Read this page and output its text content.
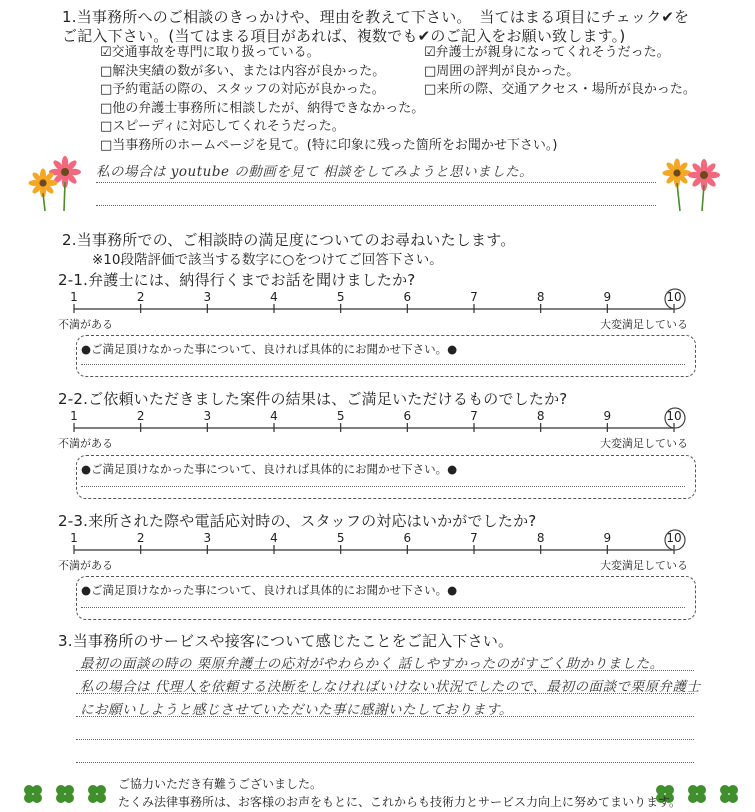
1.当事務所へのご相談のきっかけや、理由を教えて下さい。　当てはまる項目にチェック✔を
ご記入下さい。(当てはまる項目があれば、複数でも✔のご記入をお願い致します。)
☑交通事故を専門に取り扱っている。
□解決実績の数が多い、または内容が良かった。
□予約電話の際の、スタッフの対応が良かった。
□他の弁護士事務所に相談したが、納得できなかった。
□スピーディに対応してくれそうだった。
□当事務所のホームページを見て。(特に印象に残った箇所をお聞かせ下さい。)
☑弁護士が親身になってくれそうだった。
□周囲の評判が良かった。
□来所の際、交通アクセス・場所が良かった。
私の場合は youtube の動画を見て 相談をしてみようと思いました。
2.当事務所での、ご相談時の満足度についてのお尋ねいたします。
※10段階評価で該当する数字に○をつけてご回答下さい。
2-1.弁護士には、納得行くまでお話を聞けましたか?
1	2	3	4	5	6	7	8	9	10
不満がある	大変満足している
●ご満足頂けなかった事について、良ければ具体的にお聞かせ下さい。●
2-2.ご依頼いただきました案件の結果は、ご満足いただけるものでしたか?
1	2	3	4	5	6	7	8	9	10
不満がある	大変満足している
●ご満足頂けなかった事について、良ければ具体的にお聞かせ下さい。●
2-3.来所された際や電話応対時の、スタッフの対応はいかがでしたか?
1	2	3	4	5	6	7	8	9	10
不満がある	大変満足している
●ご満足頂けなかった事について、良ければ具体的にお聞かせ下さい。●
3.当事務所のサービスや接客について感じたことをご記入下さい。
最初の面談の時の 栗原弁護士の応対がやわらかく 話しやすかったのがすごく助かりました。
私の場合は 代理人を依頼する決断をしなければいけない状況でしたので、最初の面談で栗原弁護士
にお願いしようと感じさせていただいた事に感謝いたしております。
ご協力いただき有難うございました。
たくみ法律事務所は、お客様のお声をもとに、これからも技術力とサービス力向上に努めてまいります。
